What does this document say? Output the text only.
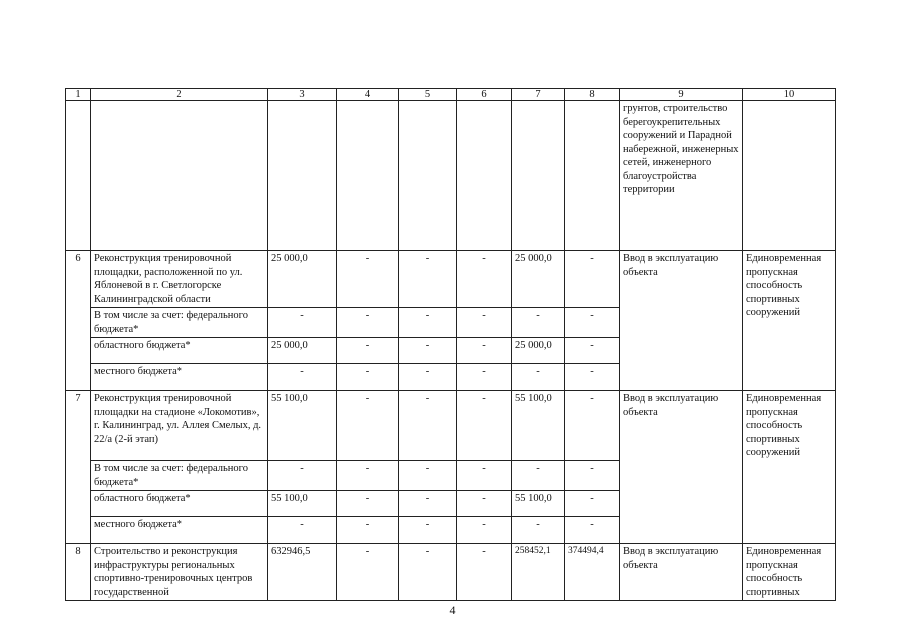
1	2	3	4	5	6	7	8	9	10
								грунтов, строительство берегоукрепительных сооружений и Парадной набережной, инженерных сетей, инженерного благоустройства территории	
6	Реконструкция тренировочной площадки, расположенной по ул. Яблоневой в г. Светлогорске Калининградской области	25 000,0	-	-	-	25 000,0	-	Ввод в эксплуатацию объекта	Единовременная пропускная способность спортивных сооружений
	В том числе за счет: федерального бюджета*	-	-	-	-	-	-		
	областного бюджета*	25 000,0	-	-	-	25 000,0	-		
	местного бюджета*	-	-	-	-	-	-		
7	Реконструкция тренировочной площадки на стадионе «Локомотив», г. Калининград, ул. Аллея Смелых, д. 22/а (2-й этап)	55 100,0	-	-	-	55 100,0	-	Ввод в эксплуатацию объекта	Единовременная пропускная способность спортивных сооружений
	В том числе за счет: федерального бюджета*	-	-	-	-	-	-		
	областного бюджета*	55 100,0	-	-	-	55 100,0	-		
	местного бюджета*	-	-	-	-	-	-		
8	Строительство и реконструкция инфраструктуры региональных спортивно-тренировочных центров государственной	632946,5	-	-	-	258452,1	374494,4	Ввод в эксплуатацию объекта	Единовременная пропускная способность спортивных
4
